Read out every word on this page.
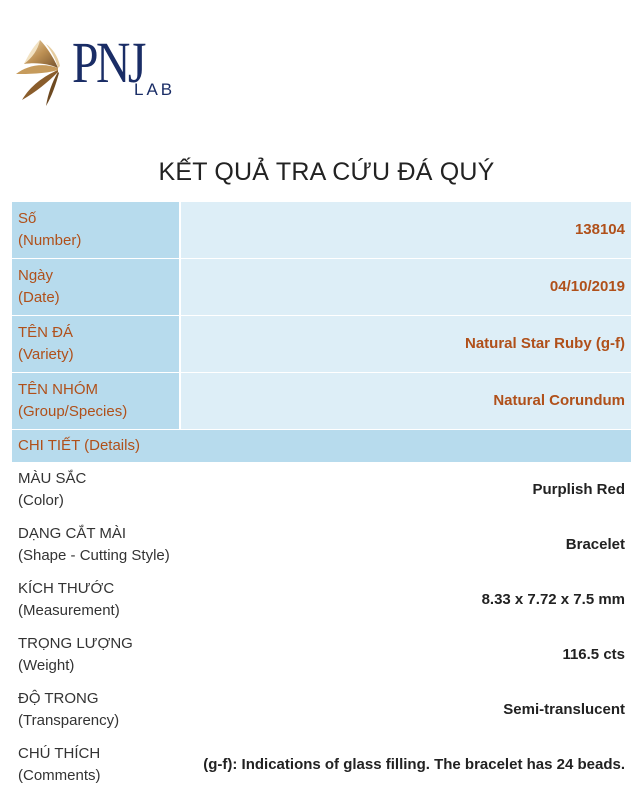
PNJ
LAB
KẾT QUẢ TRA CỨU ĐÁ QUÝ
Số
(Number)	138104

Ngày
(Date)	04/10/2019

TÊN ĐÁ
(Variety)	Natural Star Ruby (g-f)

TÊN NHÓM
(Group/Species)	Natural Corundum
CHI TIẾT (Details)	

MÀU SẮC
(Color)	Purplish Red

DẠNG CẮT MÀI
(Shape - Cutting Style)	Bracelet

KÍCH THƯỚC
(Measurement)	8.33 x 7.72 x 7.5 mm

TRỌNG LƯỢNG
(Weight)	116.5 cts

ĐỘ TRONG
(Transparency)	Semi-translucent

CHÚ THÍCH
(Comments)	(g-f): Indications of glass filling. The bracelet has 24 beads.
